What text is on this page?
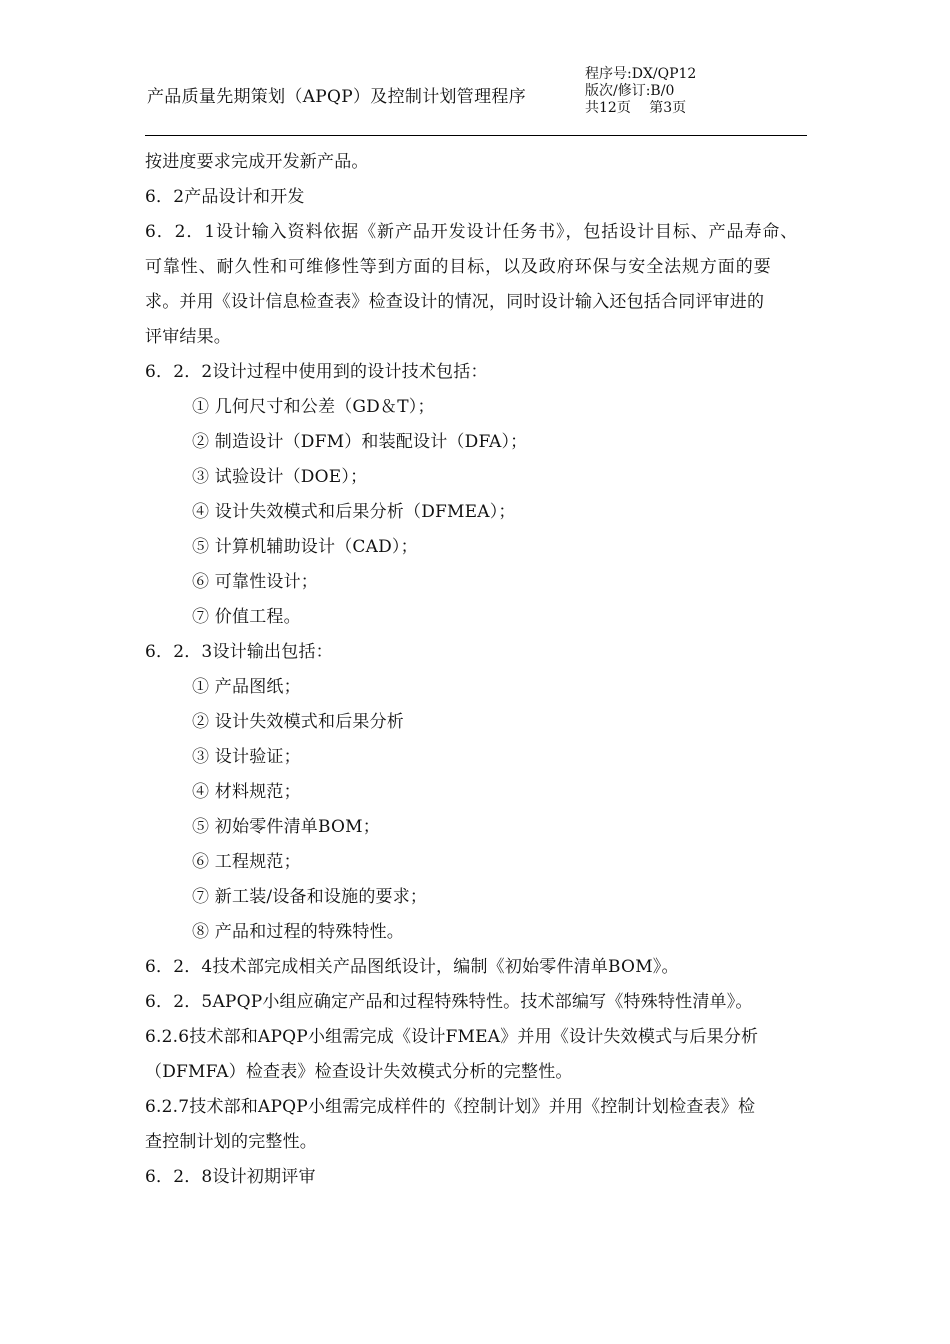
产品质量先期策划（APQP）及控制计划管理程序
程序号:DX/QP12
版次/修订:B/0
共12页　 第3页
按进度要求完成开发新产品。
6．2产品设计和开发
6．2．1设计输入资料依据《新产品开发设计任务书》，包括设计目标、产品寿命、
可靠性、耐久性和可维修性等到方面的目标，以及政府环保与安全法规方面的要
求。并用《设计信息检查表》检查设计的情况，同时设计输入还包括合同评审进的
评审结果。
6．2．2设计过程中使用到的设计技术包括：
① 几何尺寸和公差（GD＆T）；
② 制造设计（DFM）和装配设计（DFA）；
③ 试验设计（DOE）；
④ 设计失效模式和后果分析（DFMEA）；
⑤ 计算机辅助设计（CAD）；
⑥ 可靠性设计；
⑦ 价值工程。
6．2．3设计输出包括：
① 产品图纸；
② 设计失效模式和后果分析
③ 设计验证；
④ 材料规范；
⑤ 初始零件清单BOM；
⑥ 工程规范；
⑦ 新工装/设备和设施的要求；
⑧ 产品和过程的特殊特性。
6．2．4技术部完成相关产品图纸设计，编制《初始零件清单BOM》。
6．2．5APQP小组应确定产品和过程特殊特性。技术部编写《特殊特性清单》。
6.2.6技术部和APQP小组需完成《设计FMEA》并用《设计失效模式与后果分析
（DFMFA）检查表》检查设计失效模式分析的完整性。
6.2.7技术部和APQP小组需完成样件的《控制计划》并用《控制计划检查表》检
查控制计划的完整性。
6．2．8设计初期评审
